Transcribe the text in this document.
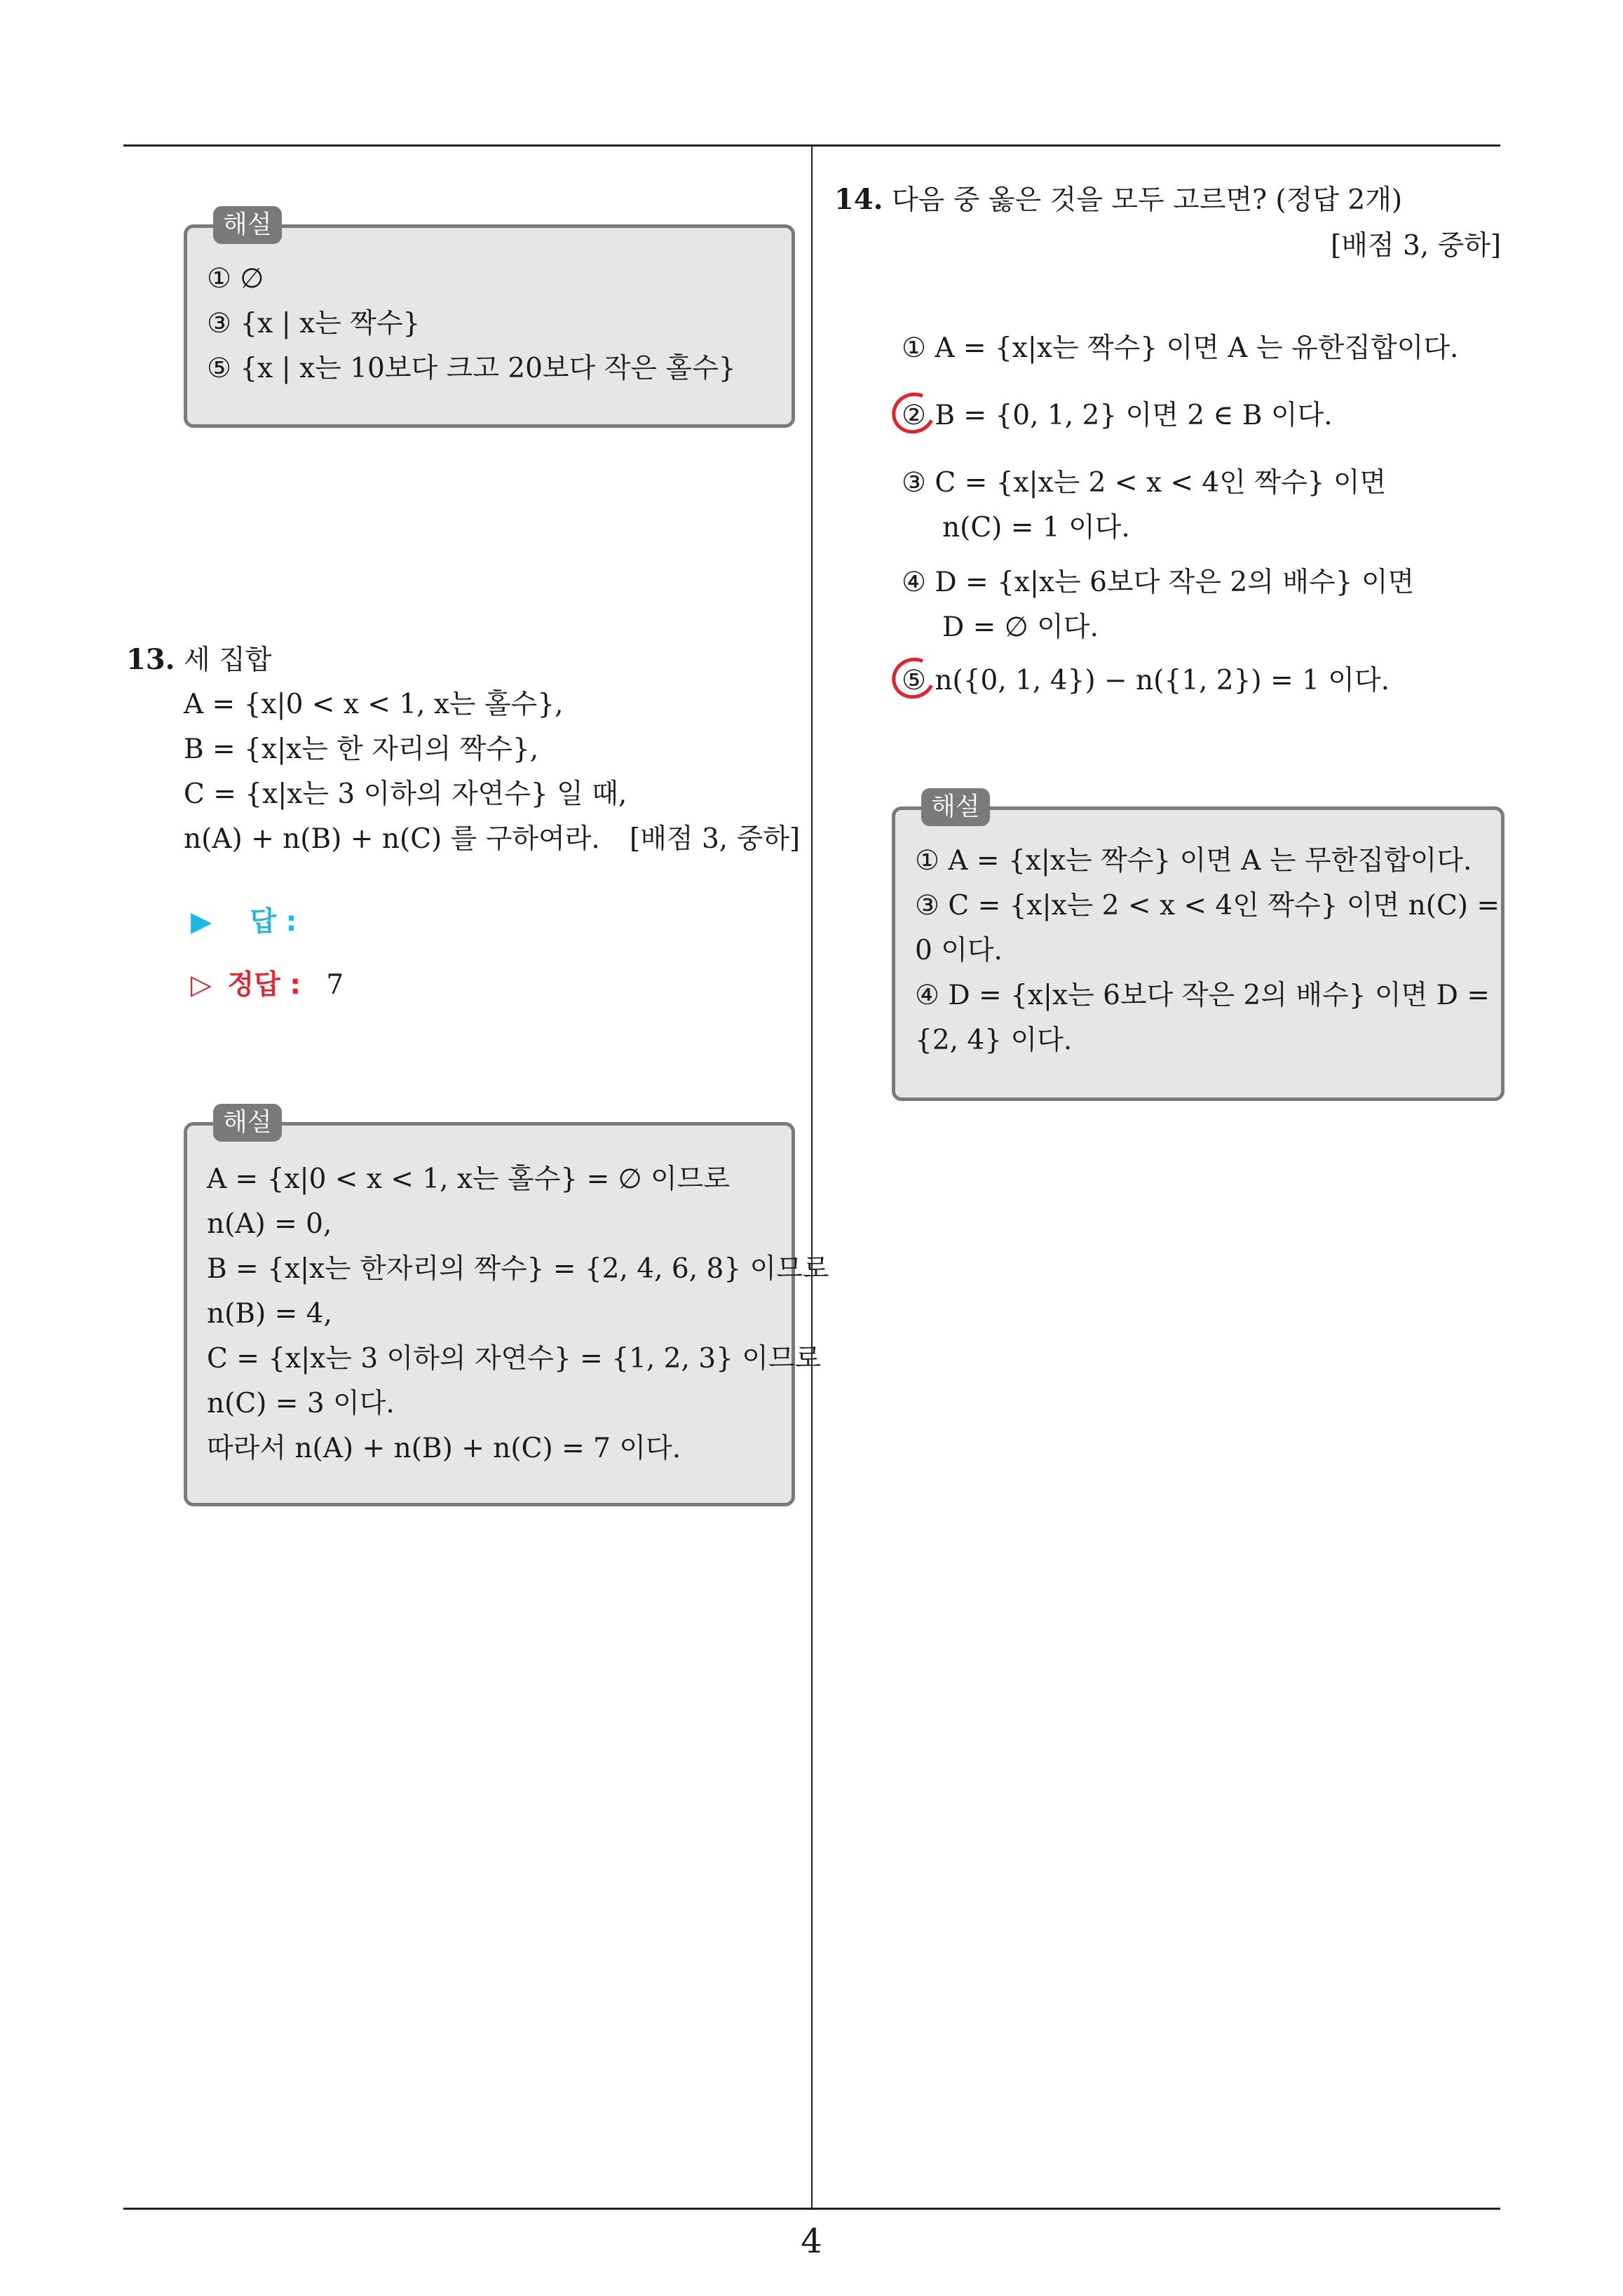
① ∅
③ {x | x는 짝수}
⑤ {x | x는 10보다 크고 20보다 작은 홀수}
해설
13. 세 집합
A = {x|0 < x < 1, x는 홀수},
B = {x|x는 한 자리의 짝수},
C = {x|x는 3 이하의 자연수} 일 때,
n(A) + n(B) + n(C) 를 구하여라. [배점 3, 중하]
▶ 답 :
▷ 정답 : 7
A = {x|0 < x < 1, x는 홀수} = ∅ 이므로
n(A) = 0,
B = {x|x는 한자리의 짝수} = {2, 4, 6, 8} 이므로
n(B) = 4,
C = {x|x는 3 이하의 자연수} = {1, 2, 3} 이므로
n(C) = 3 이다.
따라서 n(A) + n(B) + n(C) = 7 이다.
해설
14. 다음 중 옳은 것을 모두 고르면? (정답 2개)
[배점 3, 중하]
① A = {x|x는 짝수} 이면 A 는 유한집합이다.
② B = {0, 1, 2} 이면 2 ∈ B 이다.
③ C = {x|x는 2 < x < 4인 짝수} 이면
n(C) = 1 이다.
④ D = {x|x는 6보다 작은 2의 배수} 이면
D = ∅ 이다.
⑤ n({0, 1, 4}) − n({1, 2}) = 1 이다.
① A = {x|x는 짝수} 이면 A 는 무한집합이다.
③ C = {x|x는 2 < x < 4인 짝수} 이면 n(C) =
0 이다.
④ D = {x|x는 6보다 작은 2의 배수} 이면 D =
{2, 4} 이다.
해설
4
